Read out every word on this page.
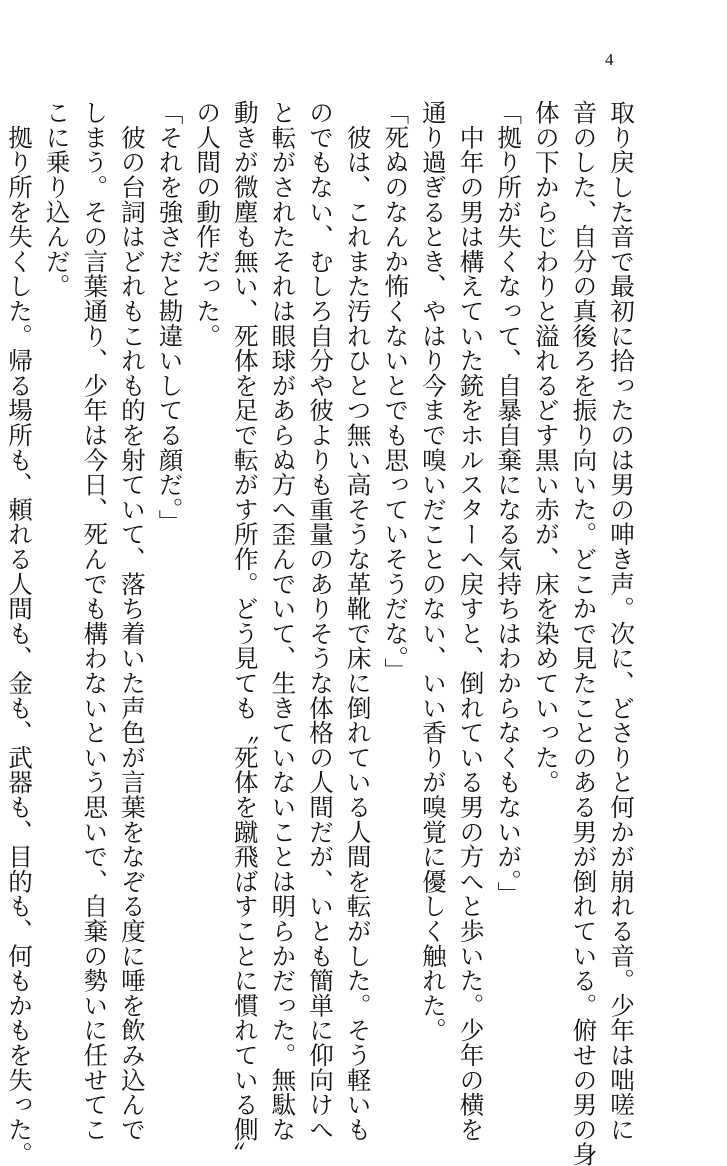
4
取り戻した音で最初に拾ったのは男の呻き声。次に、どさりと何かが崩れる音。少年は咄嗟に
音のした、自分の真後ろを振り向いた。どこかで見たことのある男が倒れている。俯せの男の身
体の下からじわりと溢れるどす黒い赤が、床を染めていった。
「拠り所が失くなって、自暴自棄になる気持ちはわからなくもないが。」
　中年の男は構えていた銃をホルスターへ戻すと、倒れている男の方へと歩いた。少年の横を
通り過ぎるとき、やはり今まで嗅いだことのない、いい香りが嗅覚に優しく触れた。
「死ぬのなんか怖くないとでも思っていそうだな。」
　彼は、これまた汚れひとつ無い高そうな革靴で床に倒れている人間を転がした。そう軽いも
のでもない、むしろ自分や彼よりも重量のありそうな体格の人間だが、いとも簡単に仰向けへ
と転がされたそれは眼球があらぬ方へ歪んでいて、生きていないことは明らかだった。無駄な
動きが微塵も無い、死体を足で転がす所作。どう見ても〝死体を蹴飛ばすことに慣れている側〟
の人間の動作だった。
「それを強さだと勘違いしてる顔だ。」
　彼の台詞はどれもこれも的を射ていて、落ち着いた声色が言葉をなぞる度に唾を飲み込んで
しまう。その言葉通り、少年は今日、死んでも構わないという思いで、自棄の勢いに任せてこ
こに乗り込んだ。
　拠り所を失くした。帰る場所も、頼れる人間も、金も、武器も、目的も、何もかもを失った。
